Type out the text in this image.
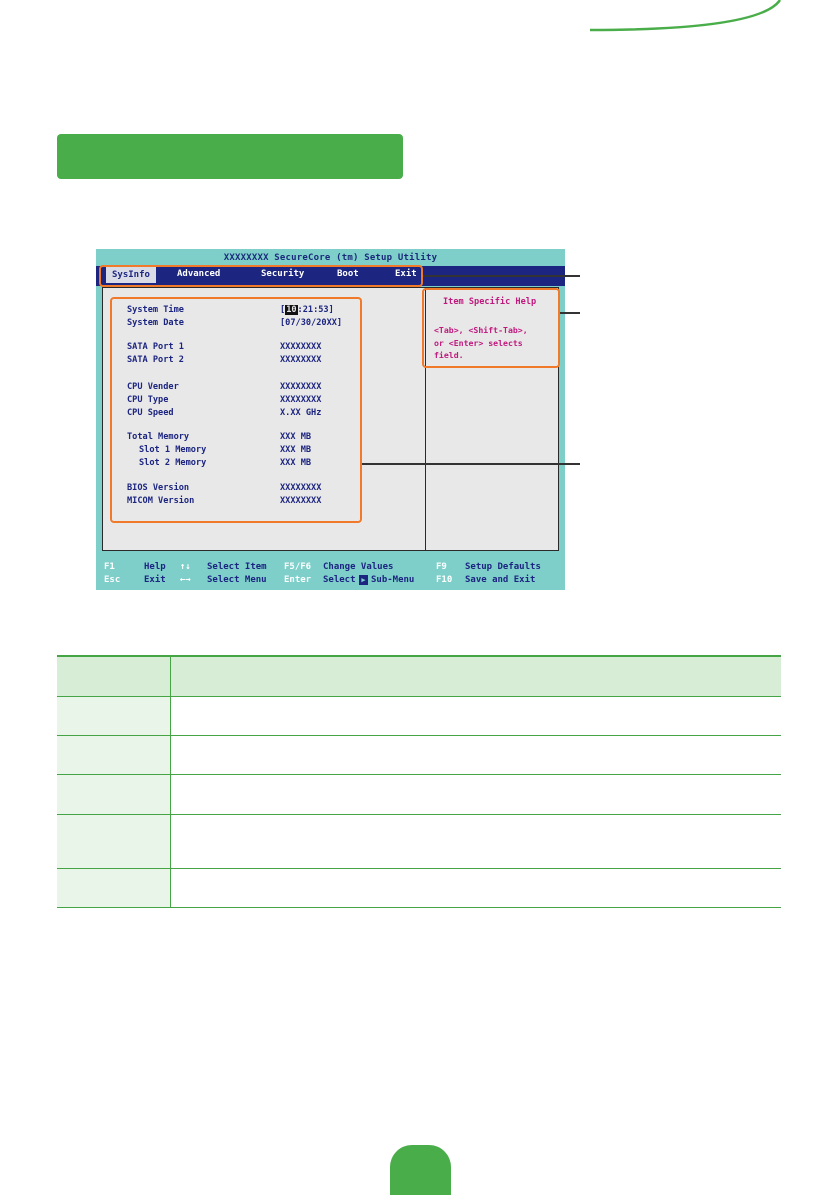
XXXXXXXX SecureCore (tm) Setup Utility
SysInfo	Advanced	Security	Boot	Exit
System Time	[10:21:53]
System Date	[07/30/20XX]
SATA Port 1	XXXXXXXX
SATA Port 2	XXXXXXXX
CPU Vender	XXXXXXXX
CPU Type	XXXXXXXX
CPU Speed	X.XX GHz
Total Memory	XXX MB
Slot 1 Memory	XXX MB
Slot 2 Memory	XXX MB
BIOS Version	XXXXXXXX
MICOM Version	XXXXXXXX
Item Specific Help
<Tab>, <Shift-Tab>,
or <Enter> selects
field.
F1	Help ↑↓ Select Item F5/F6 Change Values	F9 Setup Defaults
Esc	Exit ←→ Select Menu Enter Select ▶ Sub-Menu F10 Save and Exit
